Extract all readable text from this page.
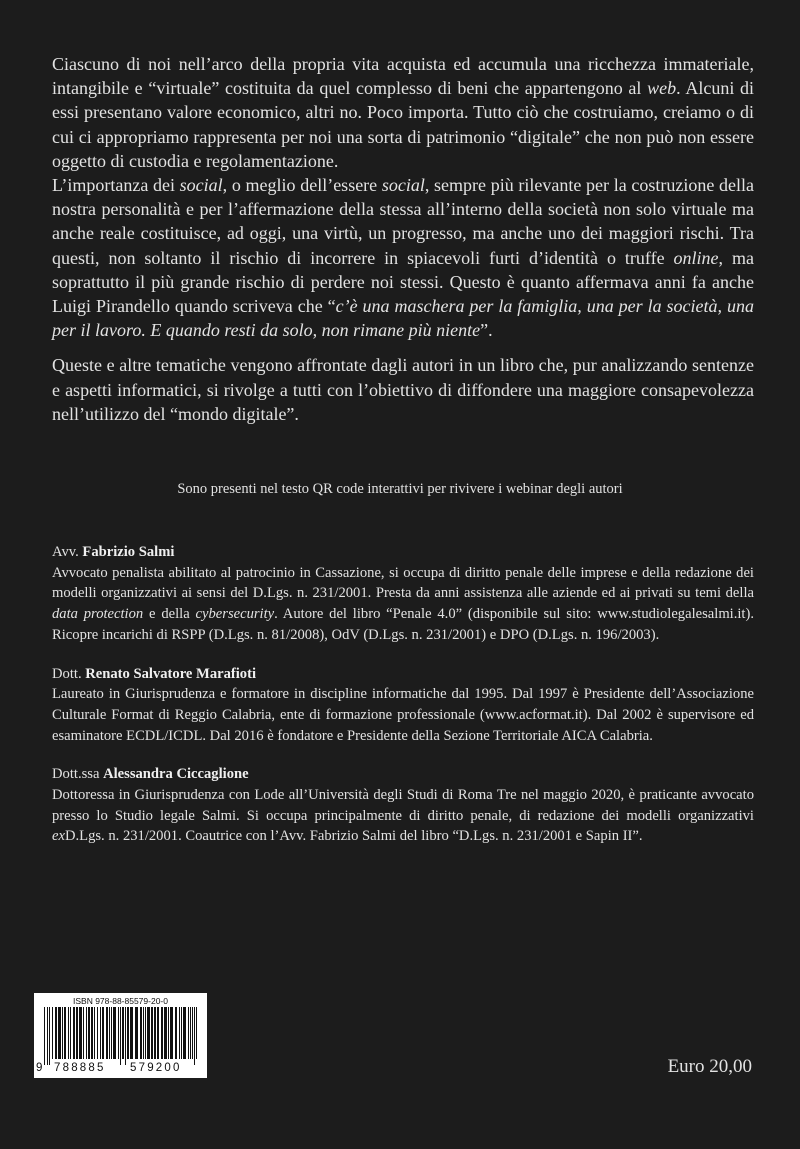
Ciascuno di noi nell’arco della propria vita acquista ed accumula una ricchezza immateriale, intangibile e “virtuale” costituita da quel complesso di beni che appartengono al web. Alcuni di essi presentano valore economico, altri no. Poco importa. Tutto ciò che costruiamo, creiamo o di cui ci appropriamo rappresenta per noi una sorta di patrimonio “digitale” che non può non essere oggetto di custodia e regolamentazione.

L’importanza dei social, o meglio dell’essere social, sempre più rilevante per la costruzione della nostra personalità e per l’affermazione della stessa all’interno della società non solo virtuale ma anche reale costituisce, ad oggi, una virtù, un progresso, ma anche uno dei maggiori rischi. Tra questi, non soltanto il rischio di incorrere in spiacevoli furti d’identità o truffe online, ma soprattutto il più grande rischio di perdere noi stessi. Questo è quanto affermava anni fa anche Luigi Pirandello quando scriveva che “c’è una maschera per la famiglia, una per la società, una per il lavoro. E quando resti da solo, non rimane più niente”.

Queste e altre tematiche vengono affrontate dagli autori in un libro che, pur analizzando sentenze e aspetti informatici, si rivolge a tutti con l’obiettivo di diffondere una maggiore consapevolezza nell’utilizzo del “mondo digitale”.

Sono presenti nel testo QR code interattivi per rivivere i webinar degli autori

Avv. Fabrizio Salmi
Avvocato penalista abilitato al patrocinio in Cassazione, si occupa di diritto penale delle imprese e della redazione dei modelli organizzativi ai sensi del D.Lgs. n. 231/2001. Presta da anni assistenza alle aziende ed ai privati su temi della data protection e della cybersecurity. Autore del libro “Penale 4.0” (disponibile sul sito: www.studiolegalesalmi.it). Ricopre incarichi di RSPP (D.Lgs. n. 81/2008), OdV (D.Lgs. n. 231/2001) e DPO (D.Lgs. n. 196/2003).
Dott. Renato Salvatore Marafioti
Laureato in Giurisprudenza e formatore in discipline informatiche dal 1995. Dal 1997 è Presidente dell’Associazione Culturale Format di Reggio Calabria, ente di formazione professionale (www.acformat.it). Dal 2002 è supervisore ed esaminatore ECDL/ICDL. Dal 2016 è fondatore e Presidente della Sezione Territoriale AICA Calabria.
Dott.ssa Alessandra Ciccaglione
Dottoressa in Giurisprudenza con Lode all’Università degli Studi di Roma Tre nel maggio 2020, è praticante avvocato presso lo Studio legale Salmi. Si occupa principalmente di diritto penale, di redazione dei modelli organizzativi exD.Lgs. n. 231/2001. Coautrice con l’Avv. Fabrizio Salmi del libro “D.Lgs. n. 231/2001 e Sapin II”.
ISBN 978-88-85579-20-0
9 788885 579200	Euro 20,00
